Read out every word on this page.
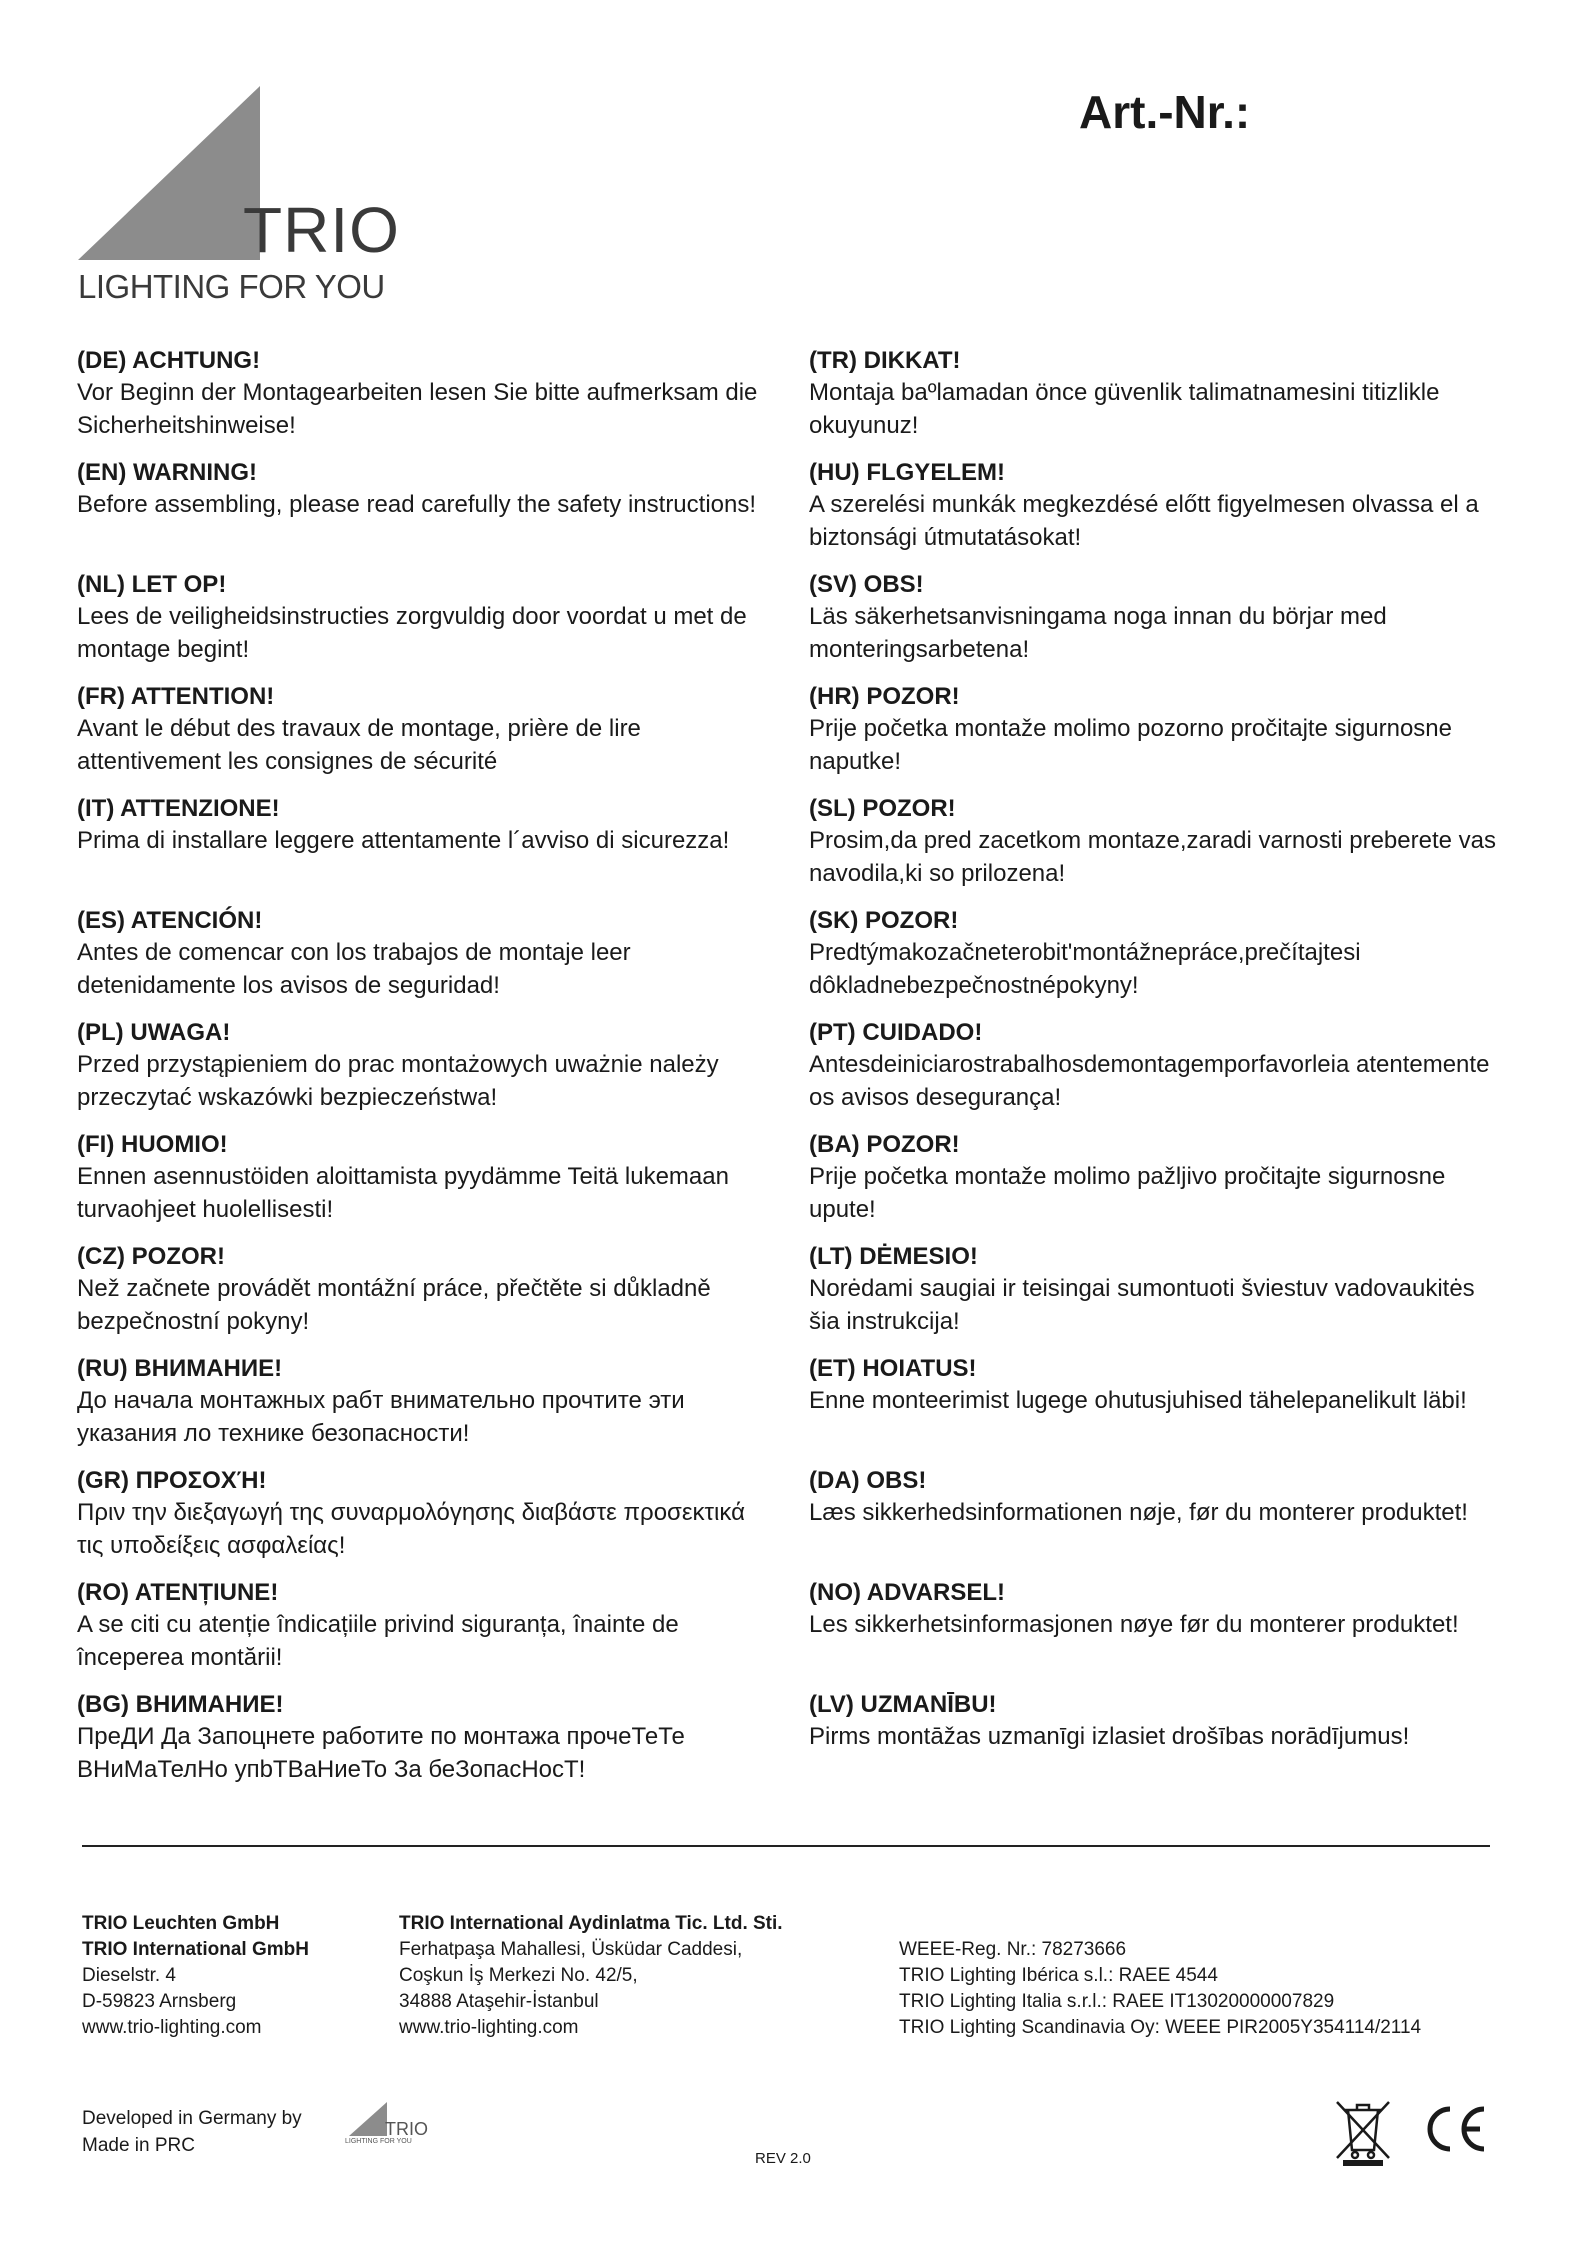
TRIO
LIGHTING FOR YOU
Art.-Nr.:
(DE) ACHTUNG!
Vor Beginn der Montagearbeiten lesen Sie bitte aufmerksam die Sicherheitshinweise!
(EN) WARNING!
Before assembling, please read carefully the safety instructions!
(NL) LET OP!
Lees de veiligheidsinstructies zorgvuldig door voordat u met de montage begint!
(FR) ATTENTION!
Avant le début des travaux de montage, prière de lire attentivement les consignes de sécurité
(IT) ATTENZIONE!
Prima di installare leggere attentamente l´avviso di sicurezza!
(ES) ATENCIÓN!
Antes de comencar con los trabajos de montaje leer detenidamente los avisos de seguridad!
(PL) UWAGA!
Przed przystąpieniem do prac montażowych uważnie należy przeczytać wskazówki bezpieczeństwa!
(FI) HUOMIO!
Ennen asennustöiden aloittamista pyydämme Teitä lukemaan turvaohjeet huolellisesti!
(CZ) POZOR!
Než začnete provádět montážní práce, přečtěte si důkladně bezpečnostní pokyny!
(RU) ВНИМАНИЕ!
До начала монтажных рабт внимательно прочтите эти указания ло технике безопасности!
(GR) ΠΡΟΣΟΧΉ!
Πριν την διεξαγωγή της συναρμολόγησης διαβάστε προσεκτικά τις υποδείξεις ασφαλείας!
(RO) ATENȚIUNE!
A se citi cu atenție îndicațiile privind siguranța, înainte de începerea montării!
(BG) ВНИМАНИЕ!
ПреДИ Да Запоцнете работите по монтажа прочеТеТе ВНиМаТелНо упbТВаНиеТо За беЗопасНосТ!
(TR) DIKKAT!
Montaja baºlamadan önce güvenlik talimatnamesini titizlikle okuyunuz!
(HU) FLGYELEM!
A szerelési munkák megkezdésé előtt figyelmesen olvassa el a biztonsági útmutatásokat!
(SV) OBS!
Läs säkerhetsanvisningama noga innan du börjar med monteringsarbetena!
(HR) POZOR!
Prije početka montaže molimo pozorno pročitajte sigurnosne naputke!
(SL) POZOR!
Prosim,da pred zacetkom montaze,zaradi varnosti preberete vas navodila,ki so prilozena!
(SK) POZOR!
Predtýmakozačneterobit'montážnepráce,prečítajtesi dôkladnebezpečnostnépokyny!
(PT) CUIDADO!
Antesdeiniciarostrabalhosdemontagemporfavorleia atentemente os avisos desegurança!
(BA) POZOR!
Prije početka montaže molimo pažljivo pročitajte sigurnosne upute!
(LT) DĖMESIO!
Norėdami saugiai ir teisingai sumontuoti šviestuv vadovaukitės šia instrukcija!
(ET) HOIATUS!
Enne monteerimist lugege ohutusjuhised tähelepanelikult läbi!
(DA) OBS!
Læs sikkerhedsinformationen nøje, før du monterer produktet!
(NO) ADVARSEL!
Les sikkerhetsinformasjonen nøye før du monterer produktet!
(LV) UZMANĪBU!
Pirms montāžas uzmanīgi izlasiet drošības norādījumus!
TRIO Leuchten GmbH
TRIO International GmbH
Dieselstr. 4
D-59823 Arnsberg
www.trio-lighting.com
TRIO International Aydinlatma Tic. Ltd. Sti.
Ferhatpaşa Mahallesi, Üsküdar Caddesi,
Coşkun İş Merkezi No. 42/5,
34888 Ataşehir-İstanbul
www.trio-lighting.com
WEEE-Reg. Nr.: 78273666
TRIO Lighting Ibérica s.l.: RAEE 4544
TRIO Lighting Italia s.r.l.: RAEE IT13020000007829
TRIO Lighting Scandinavia Oy: WEEE PIR2005Y354114/2114
Developed in Germany by
Made in PRC
TRIO
LIGHTING FOR YOU
REV 2.0
CE
